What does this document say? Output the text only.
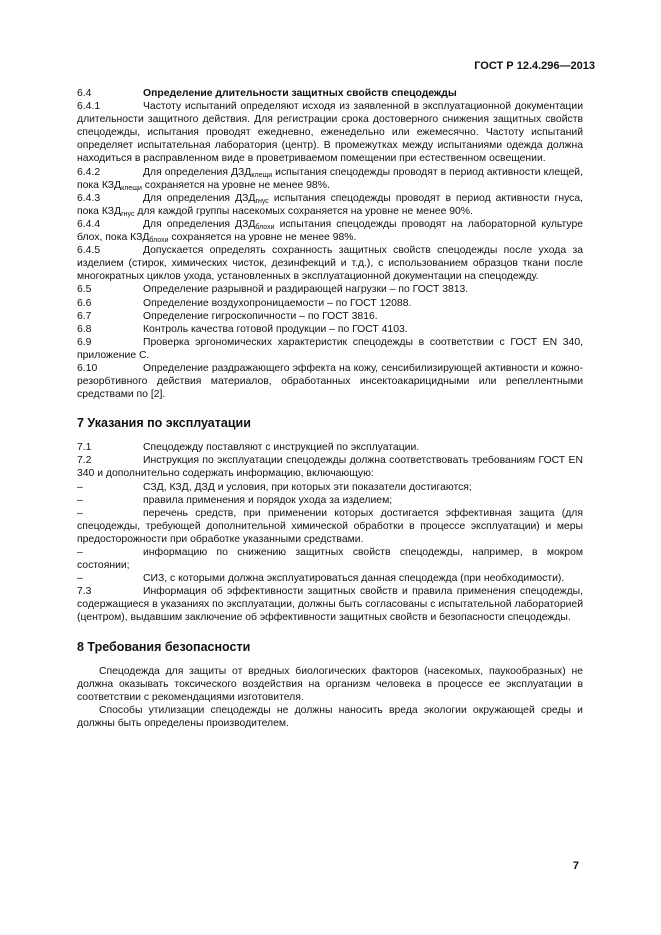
ГОСТ Р 12.4.296—2013

6.4	Определение длительности защитных свойств спецодежды

6.4.1	Частоту испытаний определяют исходя из заявленной в эксплуатационной документации длительности защитного действия. Для регистрации срока достоверного снижения защитных свойств спецодежды, испытания проводят ежедневно, еженедельно или ежемесячно. Частоту испытаний определяет испытательная лаборатория (центр). В промежутках между испытаниями одежда должна находиться в расправленном виде в проветриваемом помещении при естественном освещении.

6.4.2	Для определения $ДЗД_{клещи}$ испытания спецодежды проводят в период активности клещей, пока $КЗД_{клещи}$ сохраняется на уровне не менее 98%.

6.4.3	Для определения $ДЗД_{гнус}$ испытания спецодежды проводят в период активности гнуса, пока $КЗД_{гнус}$ для каждой группы насекомых сохраняется на уровне не менее 90%.

6.4.4	Для определения $ДЗД_{блохи}$ испытания спецодежды проводят на лабораторной культуре блох, пока $КЗД_{блохи}$ сохраняется на уровне не менее 98%.

6.4.5	Допускается определять сохранность защитных свойств спецодежды после ухода за изделием (стирок, химических чисток, дезинфекций и т.д.), с использованием образцов ткани после многократных циклов ухода, установленных в эксплуатационной документации на спецодежду.

6.5	Определение разрывной и раздирающей нагрузки – по ГОСТ 3813.

6.6	Определение воздухопроницаемости – по ГОСТ 12088.

6.7	Определение гигроскопичности – по ГОСТ 3816.

6.8	Контроль качества готовой продукции – по ГОСТ 4103.

6.9	Проверка эргономических характеристик спецодежды в соответствии с ГОСТ EN 340, приложение С.

6.10	Определение раздражающего эффекта на кожу, сенсибилизирующей активности и кожно-резорбтивного действия материалов, обработанных инсектоакарицидными или репеллентными средствами по [2].

7 Указания по эксплуатации

7.1	Спецодежду поставляют с инструкцией по эксплуатации.

7.2	Инструкция по эксплуатации спецодежды должна соответствовать требованиям ГОСТ EN 340 и дополнительно содержать информацию, включающую:

–	СЗД, КЗД, ДЗД и условия, при которых эти показатели достигаются;

–	правила применения и порядок ухода за изделием;

–	перечень средств, при применении которых достигается эффективная защита (для спецодежды, требующей дополнительной химической обработки в процессе эксплуатации) и меры предосторожности при обработке указанными средствами.

–	информацию по снижению защитных свойств спецодежды, например, в мокром состоянии;

–	СИЗ, с которыми должна эксплуатироваться данная спецодежда (при необходимости).

7.3	Информация об эффективности защитных свойств и правила применения спецодежды, содержащиеся в указаниях по эксплуатации, должны быть согласованы с испытательной лабораторией (центром), выдавшим заключение об эффективности защитных свойств и безопасности спецодежды.

8 Требования безопасности

Спецодежда для защиты от вредных биологических факторов (насекомых, паукообразных) не должна оказывать токсического воздействия на организм человека в процессе ее эксплуатации в соответствии с рекомендациями изготовителя.

Способы утилизации спецодежды не должны наносить вреда экологии окружающей среды и должны быть определены производителем.

7
